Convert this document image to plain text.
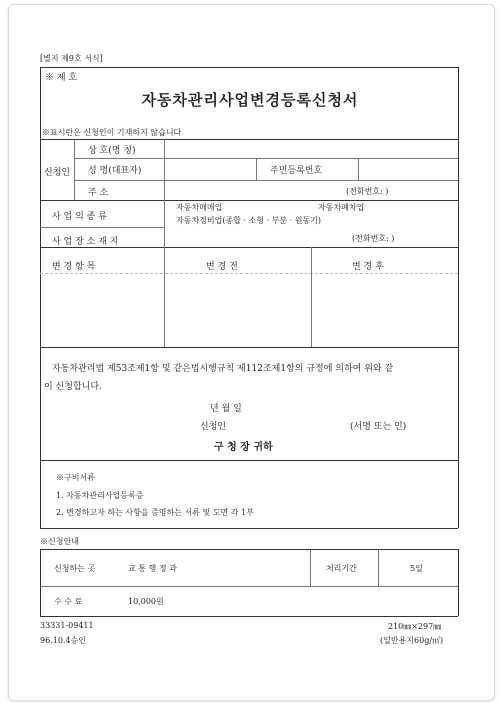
[별지 제9호 서식]
※ 제 호
자동차관리사업변경등록신청서
※표시란은 신청인이 기재하지 않습니다
신청인
상 호(명 칭)
성 명(대표자)	주민등록번호
주 소	(전화번호: )
사 업 의 종 류
자동차매매업	자동차폐차업
자동차정비업(종합 · 소형 · 부분 · 원동기)
사 업 장 소 재 지	(전화번호: )
변 경 항 목	변 경 전	변 경 후
자동차관리법 제53조제1항 및 같은법시행규칙 제112조제1항의 규정에 의하여 위와 같
이 신청합니다.
년 월 일
신청인	(서명 또는 인)
구 청 장 귀하
※구비서류
1. 자동차관리사업등록증
2. 변경하고자 하는 사항을 증명하는 서류 및 도면 각 1부
※신청안내
신청하는 곳	교 통 행 정 과	처리기간	5일
수 수 료	10,000원
33331-09411
96.10.4승인
210㎜×297㎜
(일반용지60g/㎡)
